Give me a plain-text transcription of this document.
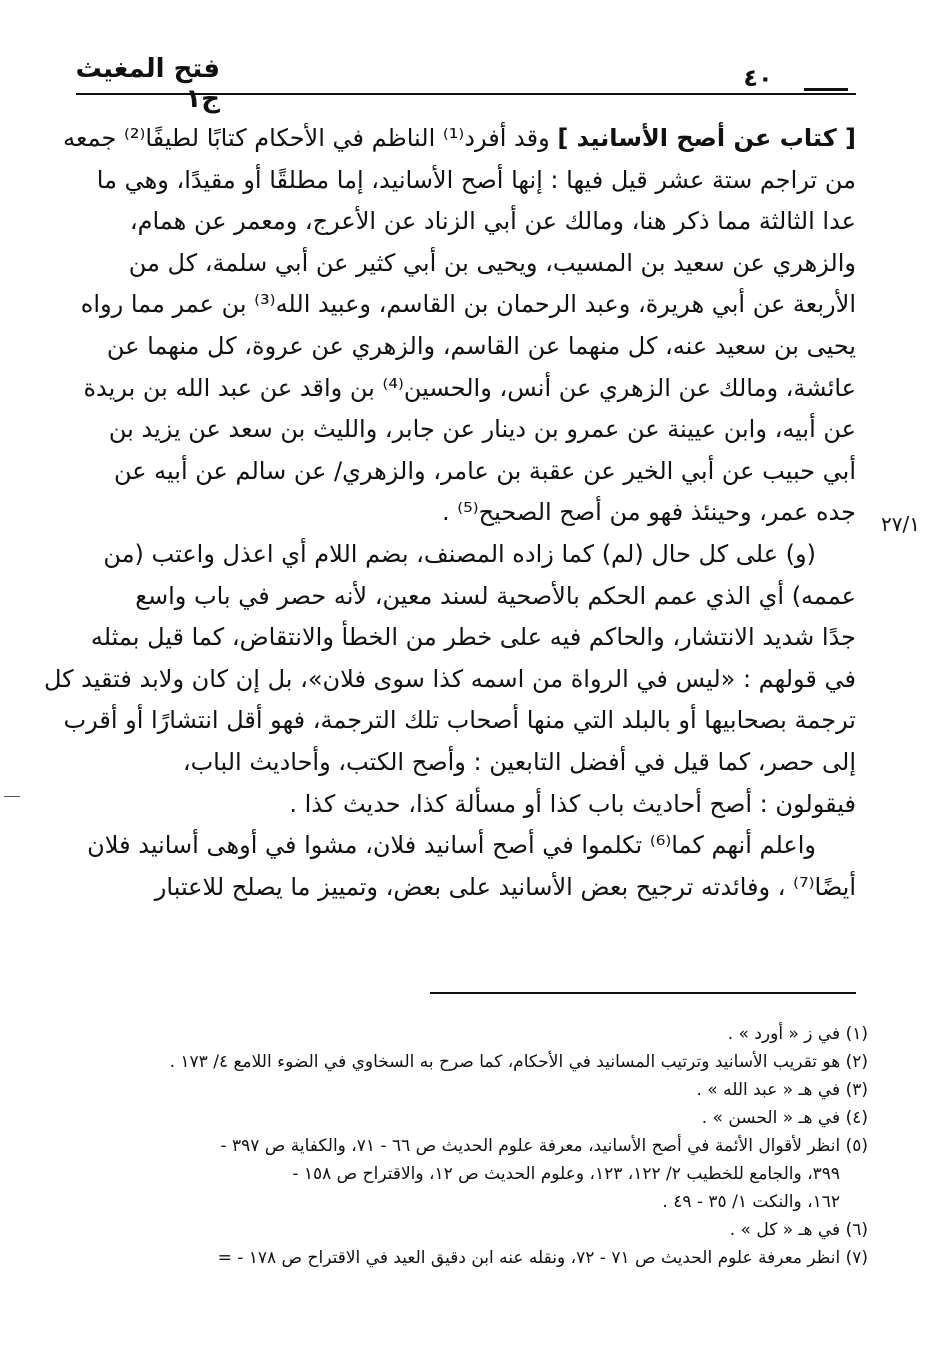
فتح المغيث ج١
٤٠
[ كتاب عن أصح الأسانيد ] وقد أفرد⁽¹⁾ الناظم في الأحكام كتابًا لطيفًا⁽²⁾ جمعه
من تراجم ستة عشر قيل فيها : إنها أصح الأسانيد، إما مطلقًا أو مقيدًا، وهي ما
عدا الثالثة مما ذكر هنا، ومالك عن أبي الزناد عن الأعرج، ومعمر عن همام،
والزهري عن سعيد بن المسيب، ويحيى بن أبي كثير عن أبي سلمة، كل من
الأربعة عن أبي هريرة، وعبد الرحمان بن القاسم، وعبيد الله⁽³⁾ بن عمر مما رواه
يحيى بن سعيد عنه، كل منهما عن القاسم، والزهري عن عروة، كل منهما عن
عائشة، ومالك عن الزهري عن أنس، والحسين⁽⁴⁾ بن واقد عن عبد الله بن بريدة
عن أبيه، وابن عيينة عن عمرو بن دينار عن جابر، والليث بن سعد عن يزيد بن
أبي حبيب عن أبي الخير عن عقبة بن عامر، والزهري/ عن سالم عن أبيه عن
جده عمر، وحينئذ فهو من أصح الصحيح⁽⁵⁾ .
(و) على كل حال (لم) كما زاده المصنف، بضم اللام أي اعذل واعتب (من
عممه) أي الذي عمم الحكم بالأصحية لسند معين، لأنه حصر في باب واسع
جدًا شديد الانتشار، والحاكم فيه على خطر من الخطأ والانتقاض، كما قيل بمثله
في قولهم : «ليس في الرواة من اسمه كذا سوى فلان»، بل إن كان ولابد فتقيد كل
ترجمة بصحابيها أو بالبلد التي منها أصحاب تلك الترجمة، فهو أقل انتشارًا أو أقرب
إلى حصر، كما قيل في أفضل التابعين : وأصح الكتب، وأحاديث الباب،
فيقولون : أصح أحاديث باب كذا أو مسألة كذا، حديث كذا .
واعلم أنهم كما⁽⁶⁾ تكلموا في أصح أسانيد فلان، مشوا في أوهى أسانيد فلان
أيضًا⁽⁷⁾ ، وفائدته ترجيح بعض الأسانيد على بعض، وتمييز ما يصلح للاعتبار
٢٧/١
(١) في ز « أورد » .
(٢) هو تقريب الأسانيد وترتيب المسانيد في الأحكام، كما صرح به السخاوي في الضوء اللامع ٤/ ١٧٣ .
(٣) في هـ « عبد الله » .
(٤) في هـ « الحسن » .
(٥) انظر لأقوال الأئمة في أصح الأسانيد، معرفة علوم الحديث ص ٦٦ - ٧١، والكفاية ص ٣٩٧ -
٣٩٩، والجامع للخطيب ٢/ ١٢٢، ١٢٣، وعلوم الحديث ص ١٢، والاقتراح ص ١٥٨ -
١٦٢، والنكت ١/ ٣٥ - ٤٩ .
(٦) في هـ « كل » .
(٧) انظر معرفة علوم الحديث ص ٧١ - ٧٢، ونقله عنه ابن دقيق العيد في الاقتراح ص ١٧٨ - =
